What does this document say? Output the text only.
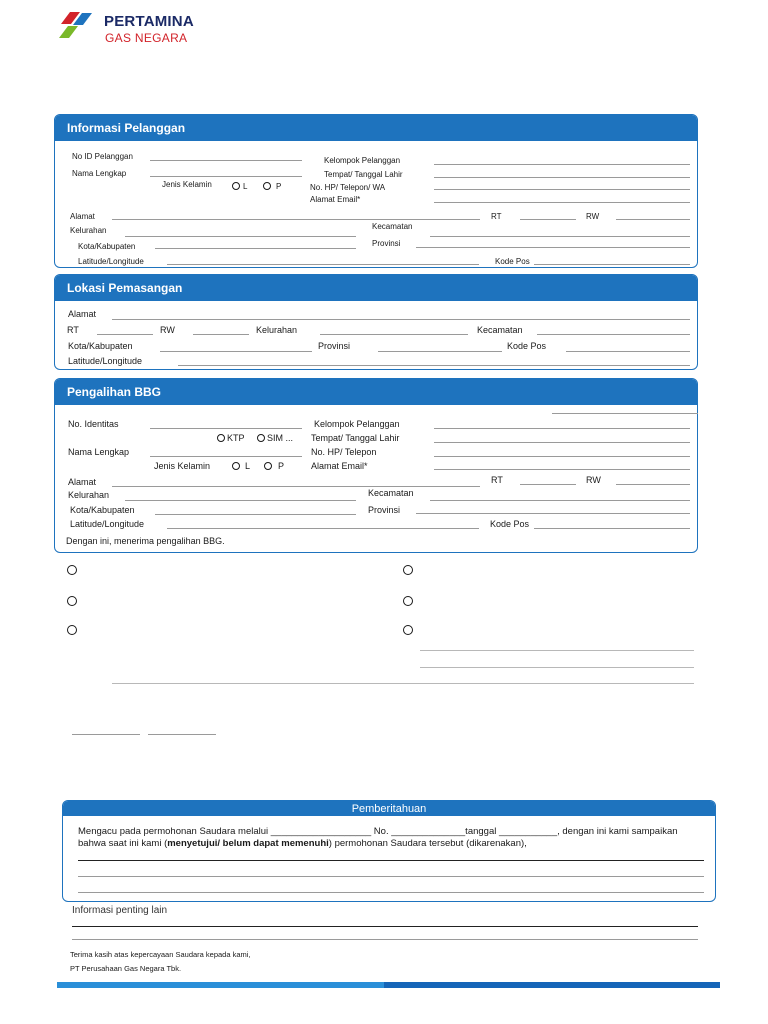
PERTAMINA
GAS NEGARA
Informasi Pelanggan
No ID Pelanggan	Kelompok Pelanggan
Nama Lengkap	Tempat/ Tanggal Lahir
Jenis Kelamin	L	P	No. HP/ Telepon/ WA
Alamat Email*
Alamat	RT	RW
Kelurahan	Kecamatan
Kota/Kabupaten	Provinsi
Latitude/Longitude	Kode Pos
Lokasi Pemasangan
Alamat
RT	RW	Kelurahan	Kecamatan
Kota/Kabupaten	Provinsi	Kode Pos
Latitude/Longitude
Pengalihan BBG
No. Identitas	Kelompok Pelanggan
KTP SIM ... Tempat/ Tanggal Lahir
Nama Lengkap	No. HP/ Telepon
Jenis Kelamin	L	P	Alamat Email*
Alamat	RT	RW
Kelurahan	Kecamatan
Kota/Kabupaten	Provinsi
Latitude/Longitude	Kode Pos
Dengan ini, menerima pengalihan BBG.
Pemberitahuan
Mengacu pada permohonan Saudara melalui ___________________ No. ______________tanggal ___________, dengan ini kami sampaikan
bahwa saat ini kami (menyetujui/ belum dapat memenuhi) permohonan Saudara tersebut (dikarenakan),
Informasi penting lain
Terima kasih atas kepercayaan Saudara kepada kami,
PT Perusahaan Gas Negara Tbk.
